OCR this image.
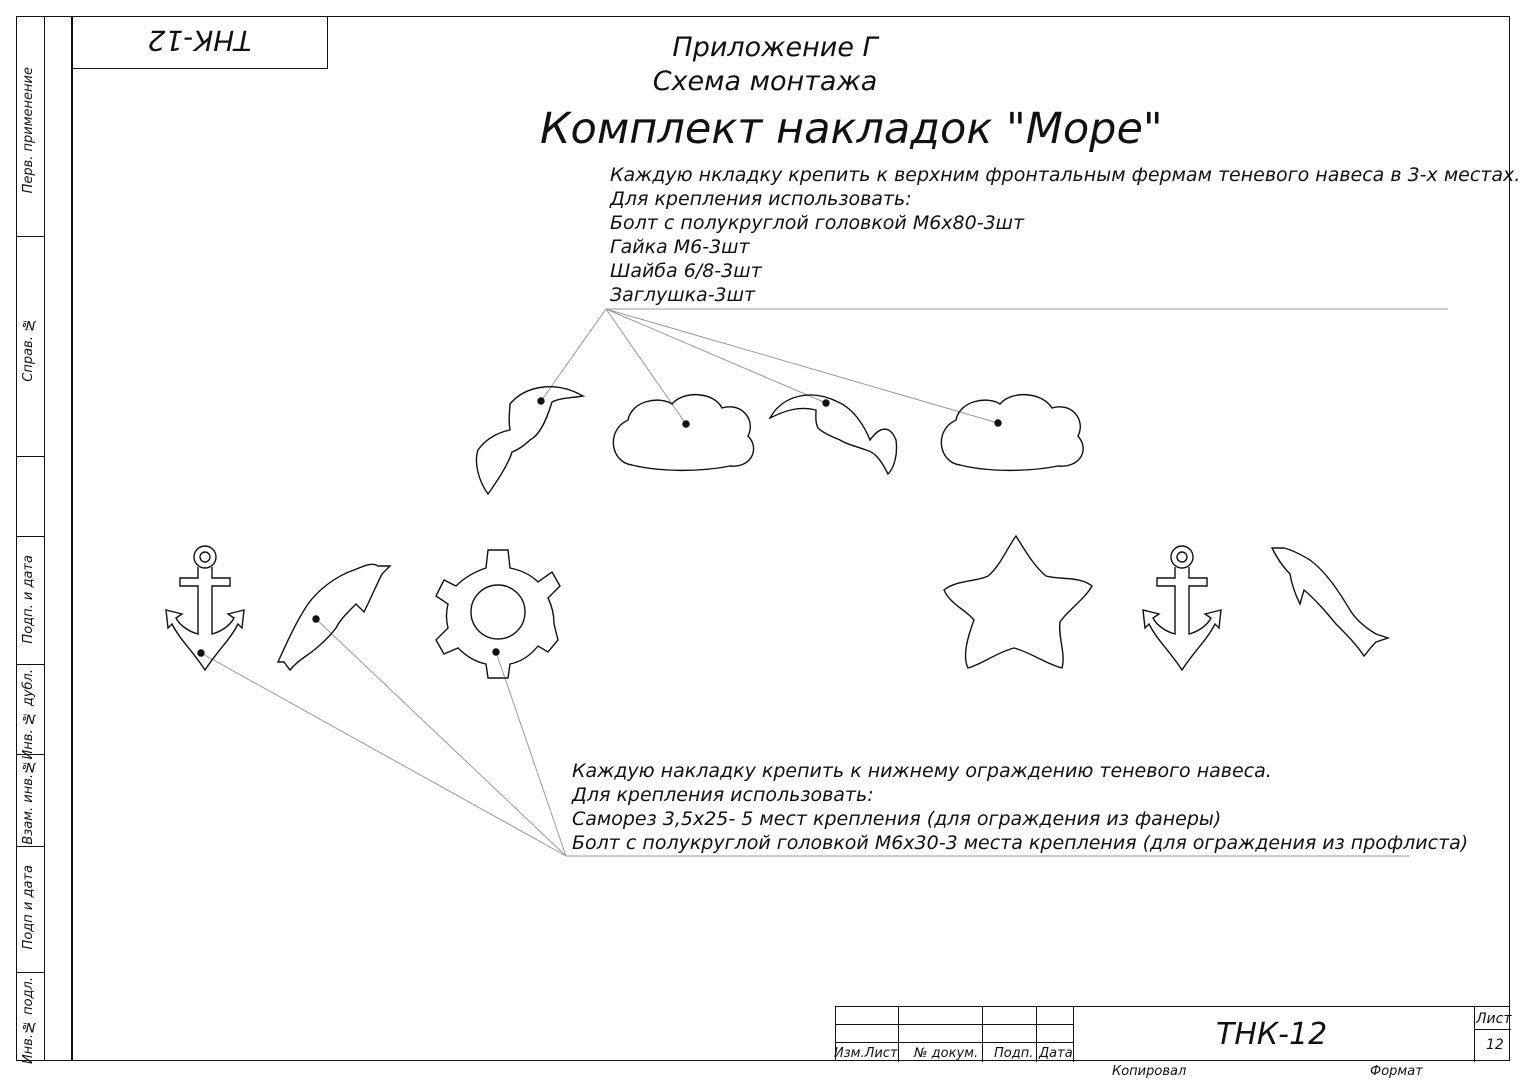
Перв. применение
Справ. №
Подп. и дата
Инв. № дубл.
Взам. инв.№
Подп и дата
Инв.№ подл.
ТНК-12	Приложение Г
Схема монтажа
Комплект накладок "Море"
Каждую нкладку крепить к верхним фронтальным фермам теневого навеса в 3-х местах.
Для крепления использовать:
Болт с полукруглой головкой М6х80-3шт
Гайка М6-3шт
Шайба 6/8-3шт
Заглушка-3шт
Каждую накладку крепить к нижнему ограждению теневого навеса.
Для крепления использовать:
Саморез 3,5х25- 5 мест крепления (для ограждения из фанеры)
Болт с полукруглой головкой М6х30-3 места крепления (для ограждения из профлиста)
Изм.Лист № докум. Подп. Дата
ТНК-12	Лист
12
Копировал	Формат
